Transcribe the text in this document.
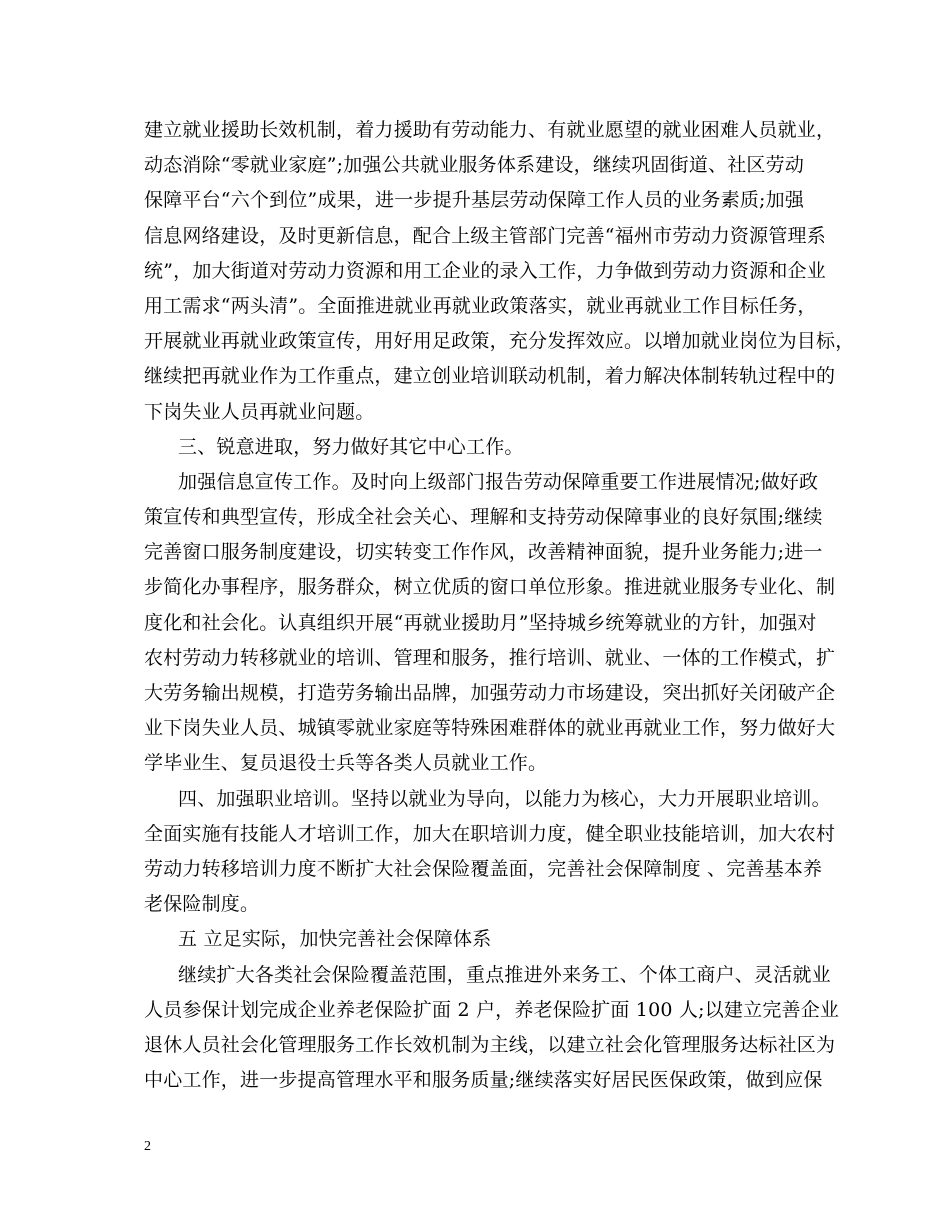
建立就业援助长效机制，着力援助有劳动能力、有就业愿望的就业困难人员就业，
动态消除“零就业家庭”;加强公共就业服务体系建设，继续巩固街道、社区劳动
保障平台“六个到位”成果，进一步提升基层劳动保障工作人员的业务素质;加强
信息网络建设，及时更新信息，配合上级主管部门完善“福州市劳动力资源管理系
统”，加大街道对劳动力资源和用工企业的录入工作，力争做到劳动力资源和企业
用工需求“两头清”。全面推进就业再就业政策落实，就业再就业工作目标任务，
开展就业再就业政策宣传，用好用足政策，充分发挥效应。以增加就业岗位为目标，
继续把再就业作为工作重点，建立创业培训联动机制，着力解决体制转轨过程中的
下岗失业人员再就业问题。
三、锐意进取，努力做好其它中心工作。
加强信息宣传工作。及时向上级部门报告劳动保障重要工作进展情况;做好政
策宣传和典型宣传，形成全社会关心、理解和支持劳动保障事业的良好氛围;继续
完善窗口服务制度建设，切实转变工作作风，改善精神面貌，提升业务能力;进一
步简化办事程序，服务群众，树立优质的窗口单位形象。推进就业服务专业化、制
度化和社会化。认真组织开展“再就业援助月”坚持城乡统筹就业的方针，加强对
农村劳动力转移就业的培训、管理和服务，推行培训、就业、一体的工作模式，扩
大劳务输出规模，打造劳务输出品牌，加强劳动力市场建设，突出抓好关闭破产企
业下岗失业人员、城镇零就业家庭等特殊困难群体的就业再就业工作，努力做好大
学毕业生、复员退役士兵等各类人员就业工作。
四、加强职业培训。坚持以就业为导向，以能力为核心，大力开展职业培训。
全面实施有技能人才培训工作，加大在职培训力度，健全职业技能培训，加大农村
劳动力转移培训力度不断扩大社会保险覆盖面，完善社会保障制度 、完善基本养
老保险制度。
五 立足实际，加快完善社会保障体系
继续扩大各类社会保险覆盖范围，重点推进外来务工、个体工商户、灵活就业
人员参保计划完成企业养老保险扩面 2 户，养老保险扩面 100 人;以建立完善企业
退休人员社会化管理服务工作长效机制为主线，以建立社会化管理服务达标社区为
中心工作，进一步提高管理水平和服务质量;继续落实好居民医保政策，做到应保
2
